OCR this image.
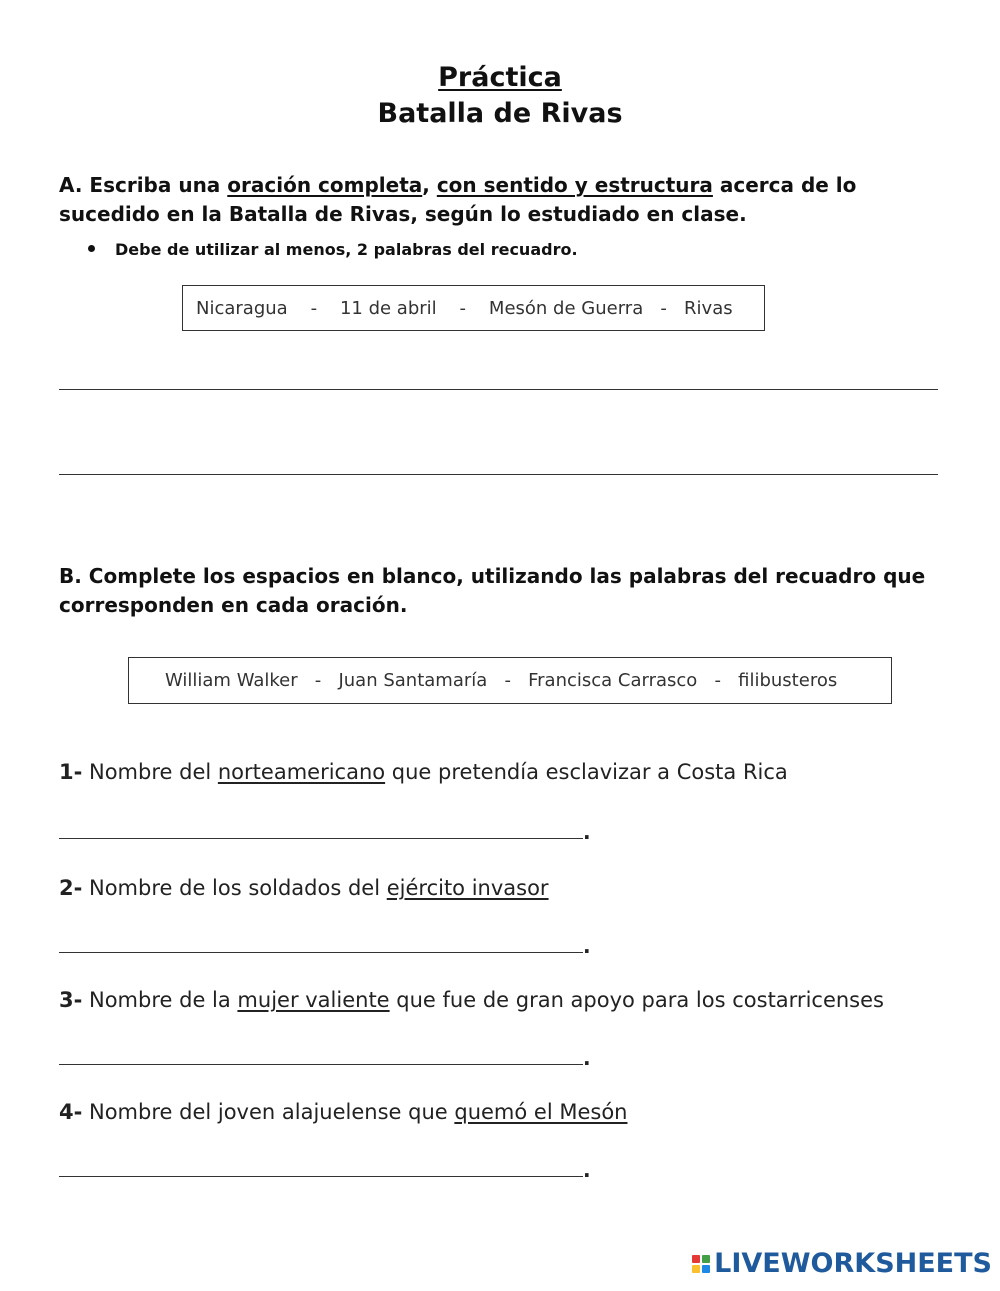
Práctica
Batalla de Rivas
A. Escriba una oración completa, con sentido y estructura acerca de lo
sucedido en la Batalla de Rivas, según lo estudiado en clase.
Debe de utilizar al menos, 2 palabras del recuadro.
Nicaragua    -    11 de abril    -    Mesón de Guerra   -   Rivas
B. Complete los espacios en blanco, utilizando las palabras del recuadro que
corresponden en cada oración.
William Walker   -   Juan Santamaría   -   Francisca Carrasco   -   filibusteros
1- Nombre del norteamericano que pretendía esclavizar a Costa Rica
.
2- Nombre de los soldados del ejército invasor
.
3- Nombre de la mujer valiente que fue de gran apoyo para los costarricenses
.
4- Nombre del joven alajuelense que quemó el Mesón
.
LIVEWORKSHEETS
